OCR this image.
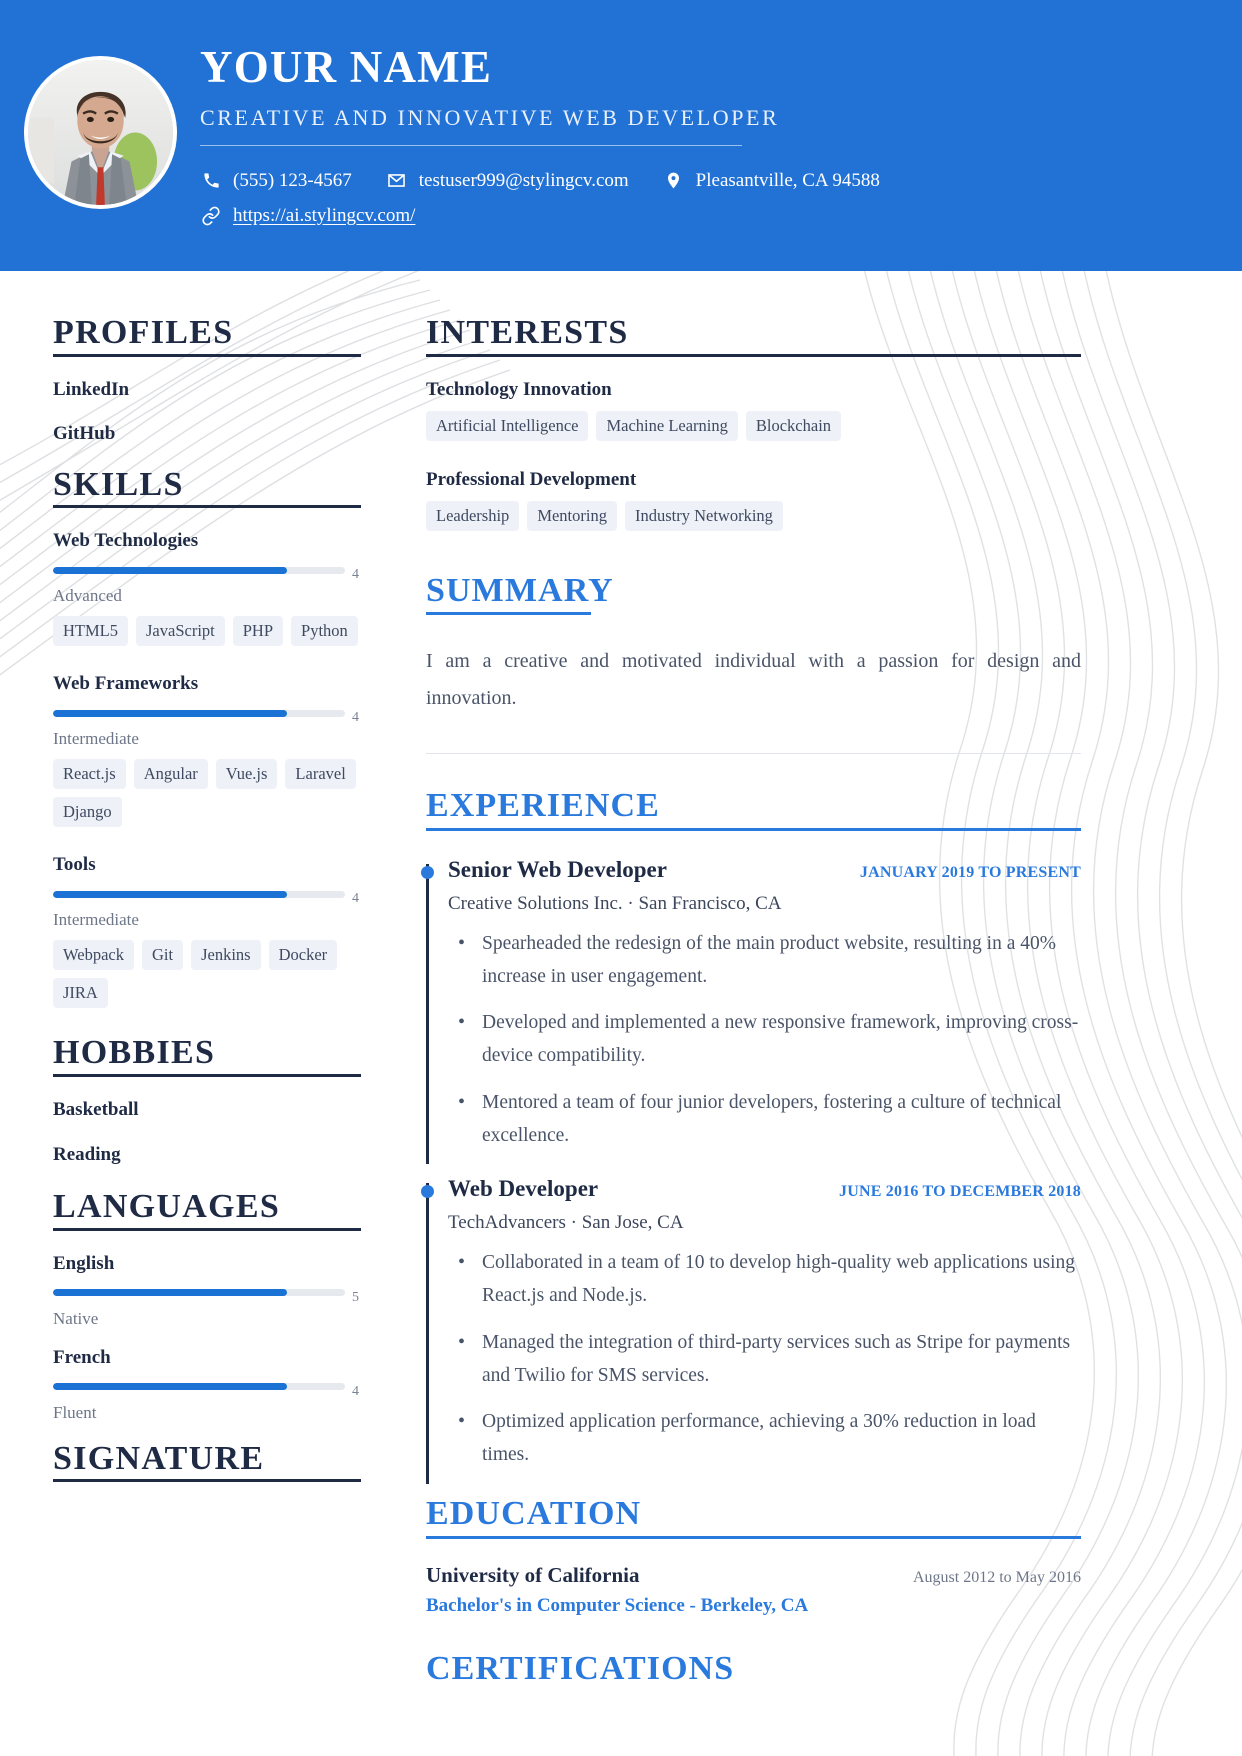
YOUR NAME
CREATIVE AND INNOVATIVE WEB DEVELOPER
(555) 123-4567	testuser999@stylingcv.com	Pleasantville, CA 94588
https://ai.stylingcv.com/
PROFILES
LinkedIn
GitHub
SKILLS
Web Technologies
4
Advanced
HTML5	JavaScript	PHP	Python
Web Frameworks
4
Intermediate
React.js	Angular	Vue.js	Laravel
Django
Tools
4
Intermediate
Webpack	Git	Jenkins	Docker
JIRA
HOBBIES
Basketball
Reading
LANGUAGES
English
5
Native
French
4
Fluent
SIGNATURE
INTERESTS
Technology Innovation
Artificial Intelligence	Machine Learning	Blockchain
Professional Development
Leadership	Mentoring	Industry Networking
SUMMARY
I am a creative and motivated individual with a passion for design and innovation.
EXPERIENCE
Senior Web Developer	JANUARY 2019 TO PRESENT
Creative Solutions Inc. · San Francisco, CA
• Spearheaded the redesign of the main product website, resulting in a 40% increase in user engagement.
• Developed and implemented a new responsive framework, improving cross-device compatibility.
• Mentored a team of four junior developers, fostering a culture of technical excellence.
Web Developer	JUNE 2016 TO DECEMBER 2018
TechAdvancers · San Jose, CA
• Collaborated in a team of 10 to develop high-quality web applications using React.js and Node.js.
• Managed the integration of third-party services such as Stripe for payments and Twilio for SMS services.
• Optimized application performance, achieving a 30% reduction in load times.
EDUCATION
University of California	August 2012 to May 2016
Bachelor's in Computer Science - Berkeley, CA
CERTIFICATIONS
